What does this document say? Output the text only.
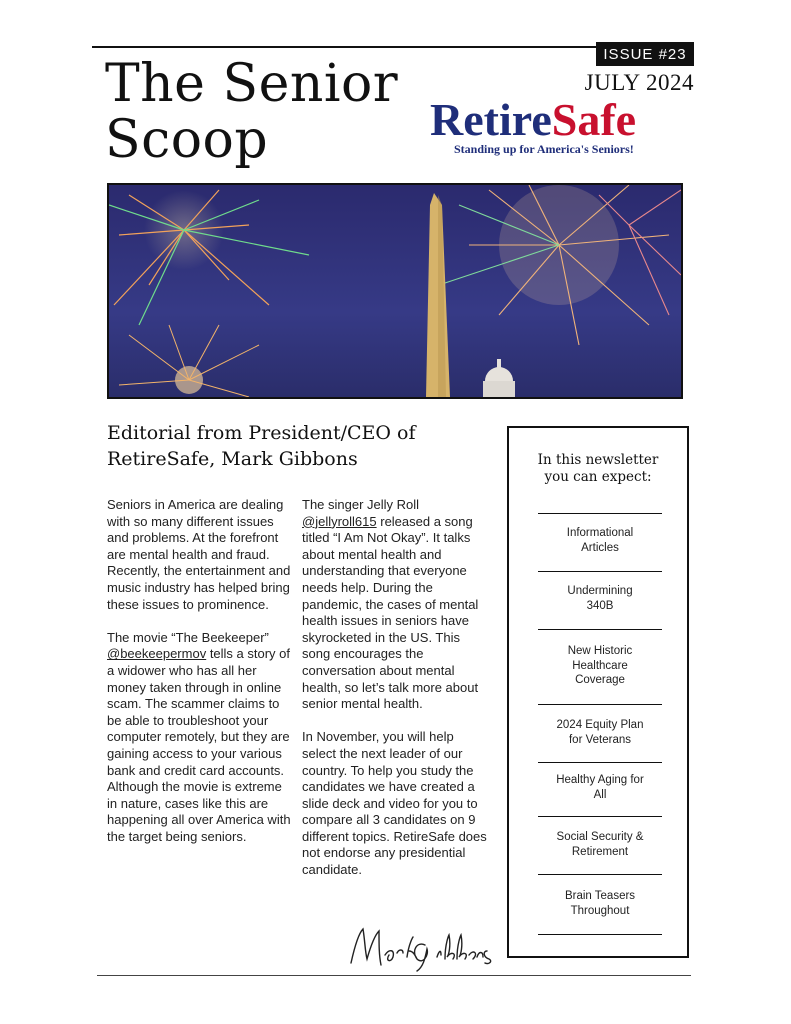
The Senior
Scoop
ISSUE #23
JULY 2024
RetireSafe
Standing up for America's Seniors!
Editorial from President/CEO of RetireSafe, Mark Gibbons

Seniors in America are dealing with so many different issues and problems. At the forefront are mental health and fraud. Recently, the entertainment and music industry has helped bring these issues to prominence.

The movie “The Beekeeper” @beekeepermov tells a story of a widower who has all her money taken through in online scam. The scammer claims to be able to troubleshoot your computer remotely, but they are gaining access to your various bank and credit card accounts. Although the movie is extreme in nature, cases like this are happening all over America with the target being seniors.

The singer Jelly Roll @jellyroll615 released a song titled “I Am Not Okay”. It talks about mental health and understanding that everyone needs help. During the pandemic, the cases of mental health issues in seniors have skyrocketed in the US. This song encourages the conversation about mental health, so let’s talk more about senior mental health.

In November, you will help select the next leader of our country. To help you study the candidates we have created a slide deck and video for you to compare all 3 candidates on 9 different topics. RetireSafe does not endorse any presidential candidate.

In this newsletter
you can expect:
Informational
Articles
Undermining
340B
New Historic
Healthcare
Coverage
2024 Equity Plan
for Veterans
Healthy Aging for
All
Social Security &
Retirement
Brain Teasers
Throughout
